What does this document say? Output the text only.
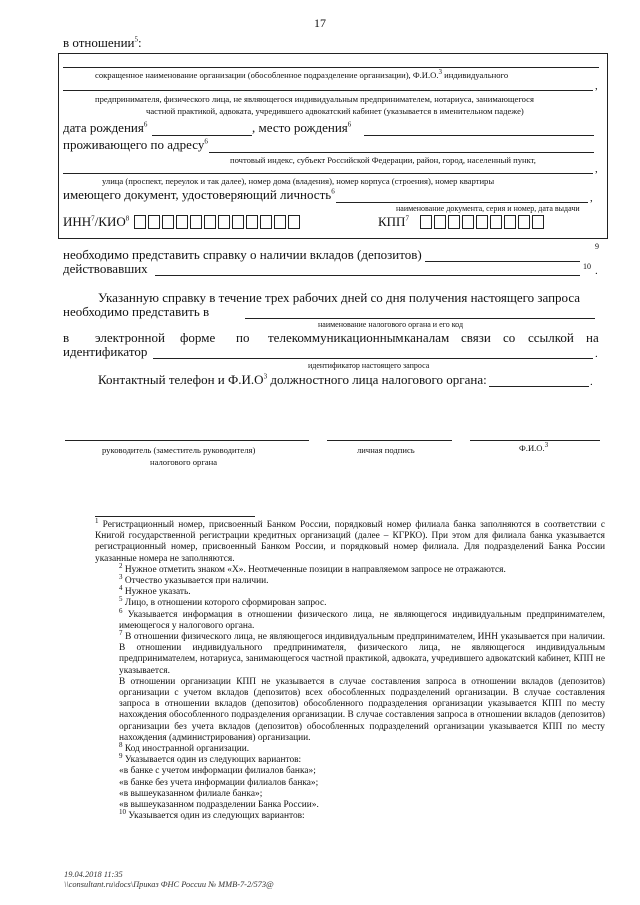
17
в отношении$^5$:
сокращенное наименование организации (обособленное подразделение организации), Ф.И.О.$^3$ индивидуального
,
предпринимателя, физического лица, не являющегося индивидуальным предпринимателем, нотариуса, занимающегося
частной практикой, адвоката, учредившего адвокатский кабинет (указывается в именительном падеже)
дата рождения$^6$	, место рождения$^6$
проживающего по адресу$^6$
почтовый индекс, субъект Российской Федерации, район, город, населенный пункт,
,
улица (проспект, переулок и так далее), номер дома (владения), номер корпуса (строения), номер квартиры
имеющего документ, удостоверяющий личность$^6$
,
наименование документа, серия и номер, дата выдачи
ИНН$^7$/КИО$^8$	КПП$^7$
необходимо представить справку о наличии вкладов (депозитов)
9
действовавших	10 .
Указанную справку в течение трех рабочих дней со дня получения настоящего запроса
необходимо представить в
наименование налогового органа и его код
в электронной форме по телекоммуникационным каналам связи со ссылкой на
идентификатор	.
идентификатор настоящего запроса
Контактный телефон и $Ф.И.О^3$ должностного лица налогового органа:	.
руководитель (заместитель руководителя)
налогового органа
личная подпись	Ф.И.О.$^3$

$^1$ Регистрационный номер, присвоенный Банком России, порядковый номер филиала банка заполняются в соответствии с Книгой государственной регистрации кредитных организаций (далее – КГРКО). При этом для филиала банка указывается регистрационный номер, присвоенный Банком России, и порядковый номер филиала. Для подразделений Банка России указанные номера не заполняются.

$^2$ Нужное отметить знаком «Х». Неотмеченные позиции в направляемом запросе не отражаются.

$^3$ Отчество указывается при наличии.

$^4$ Нужное указать.

$^5$ Лицо, в отношении которого сформирован запрос.

$^6$ Указывается информация в отношении физического лица, не являющегося индивидуальным предпринимателем, имеющегося у налогового органа.

$^7$ В отношении физического лица, не являющегося индивидуальным предпринимателем, ИНН указывается при наличии. В отношении индивидуального предпринимателя, физического лица, не являющегося индивидуальным предпринимателем, нотариуса, занимающегося частной практикой, адвоката, учредившего адвокатский кабинет, КПП не указывается.

В отношении организации КПП не указывается в случае составления запроса в отношении вкладов (депозитов) организации с учетом вкладов (депозитов) всех обособленных подразделений организации. В случае составления запроса в отношении вкладов (депозитов) обособленного подразделения организации указывается КПП по месту нахождения обособленного подразделения организации. В случае составления запроса в отношении вкладов (депозитов) организации без учета вкладов (депозитов) обособленных подразделений организации указывается КПП по месту нахождения (администрирования) организации.

$^8$ Код иностранной организации.

$^9$ Указывается один из следующих вариантов:

«в банке с учетом информации филиалов банка»;

«в банке без учета информации филиалов банка»;

«в вышеуказанном филиале банка»;

«в вышеуказанном подразделении Банка России».

$^{10}$ Указывается один из следующих вариантов:

19.04.2018 11:35
\\consultant.ru\docs\Приказ ФНС России № ММВ-7-2/573@
